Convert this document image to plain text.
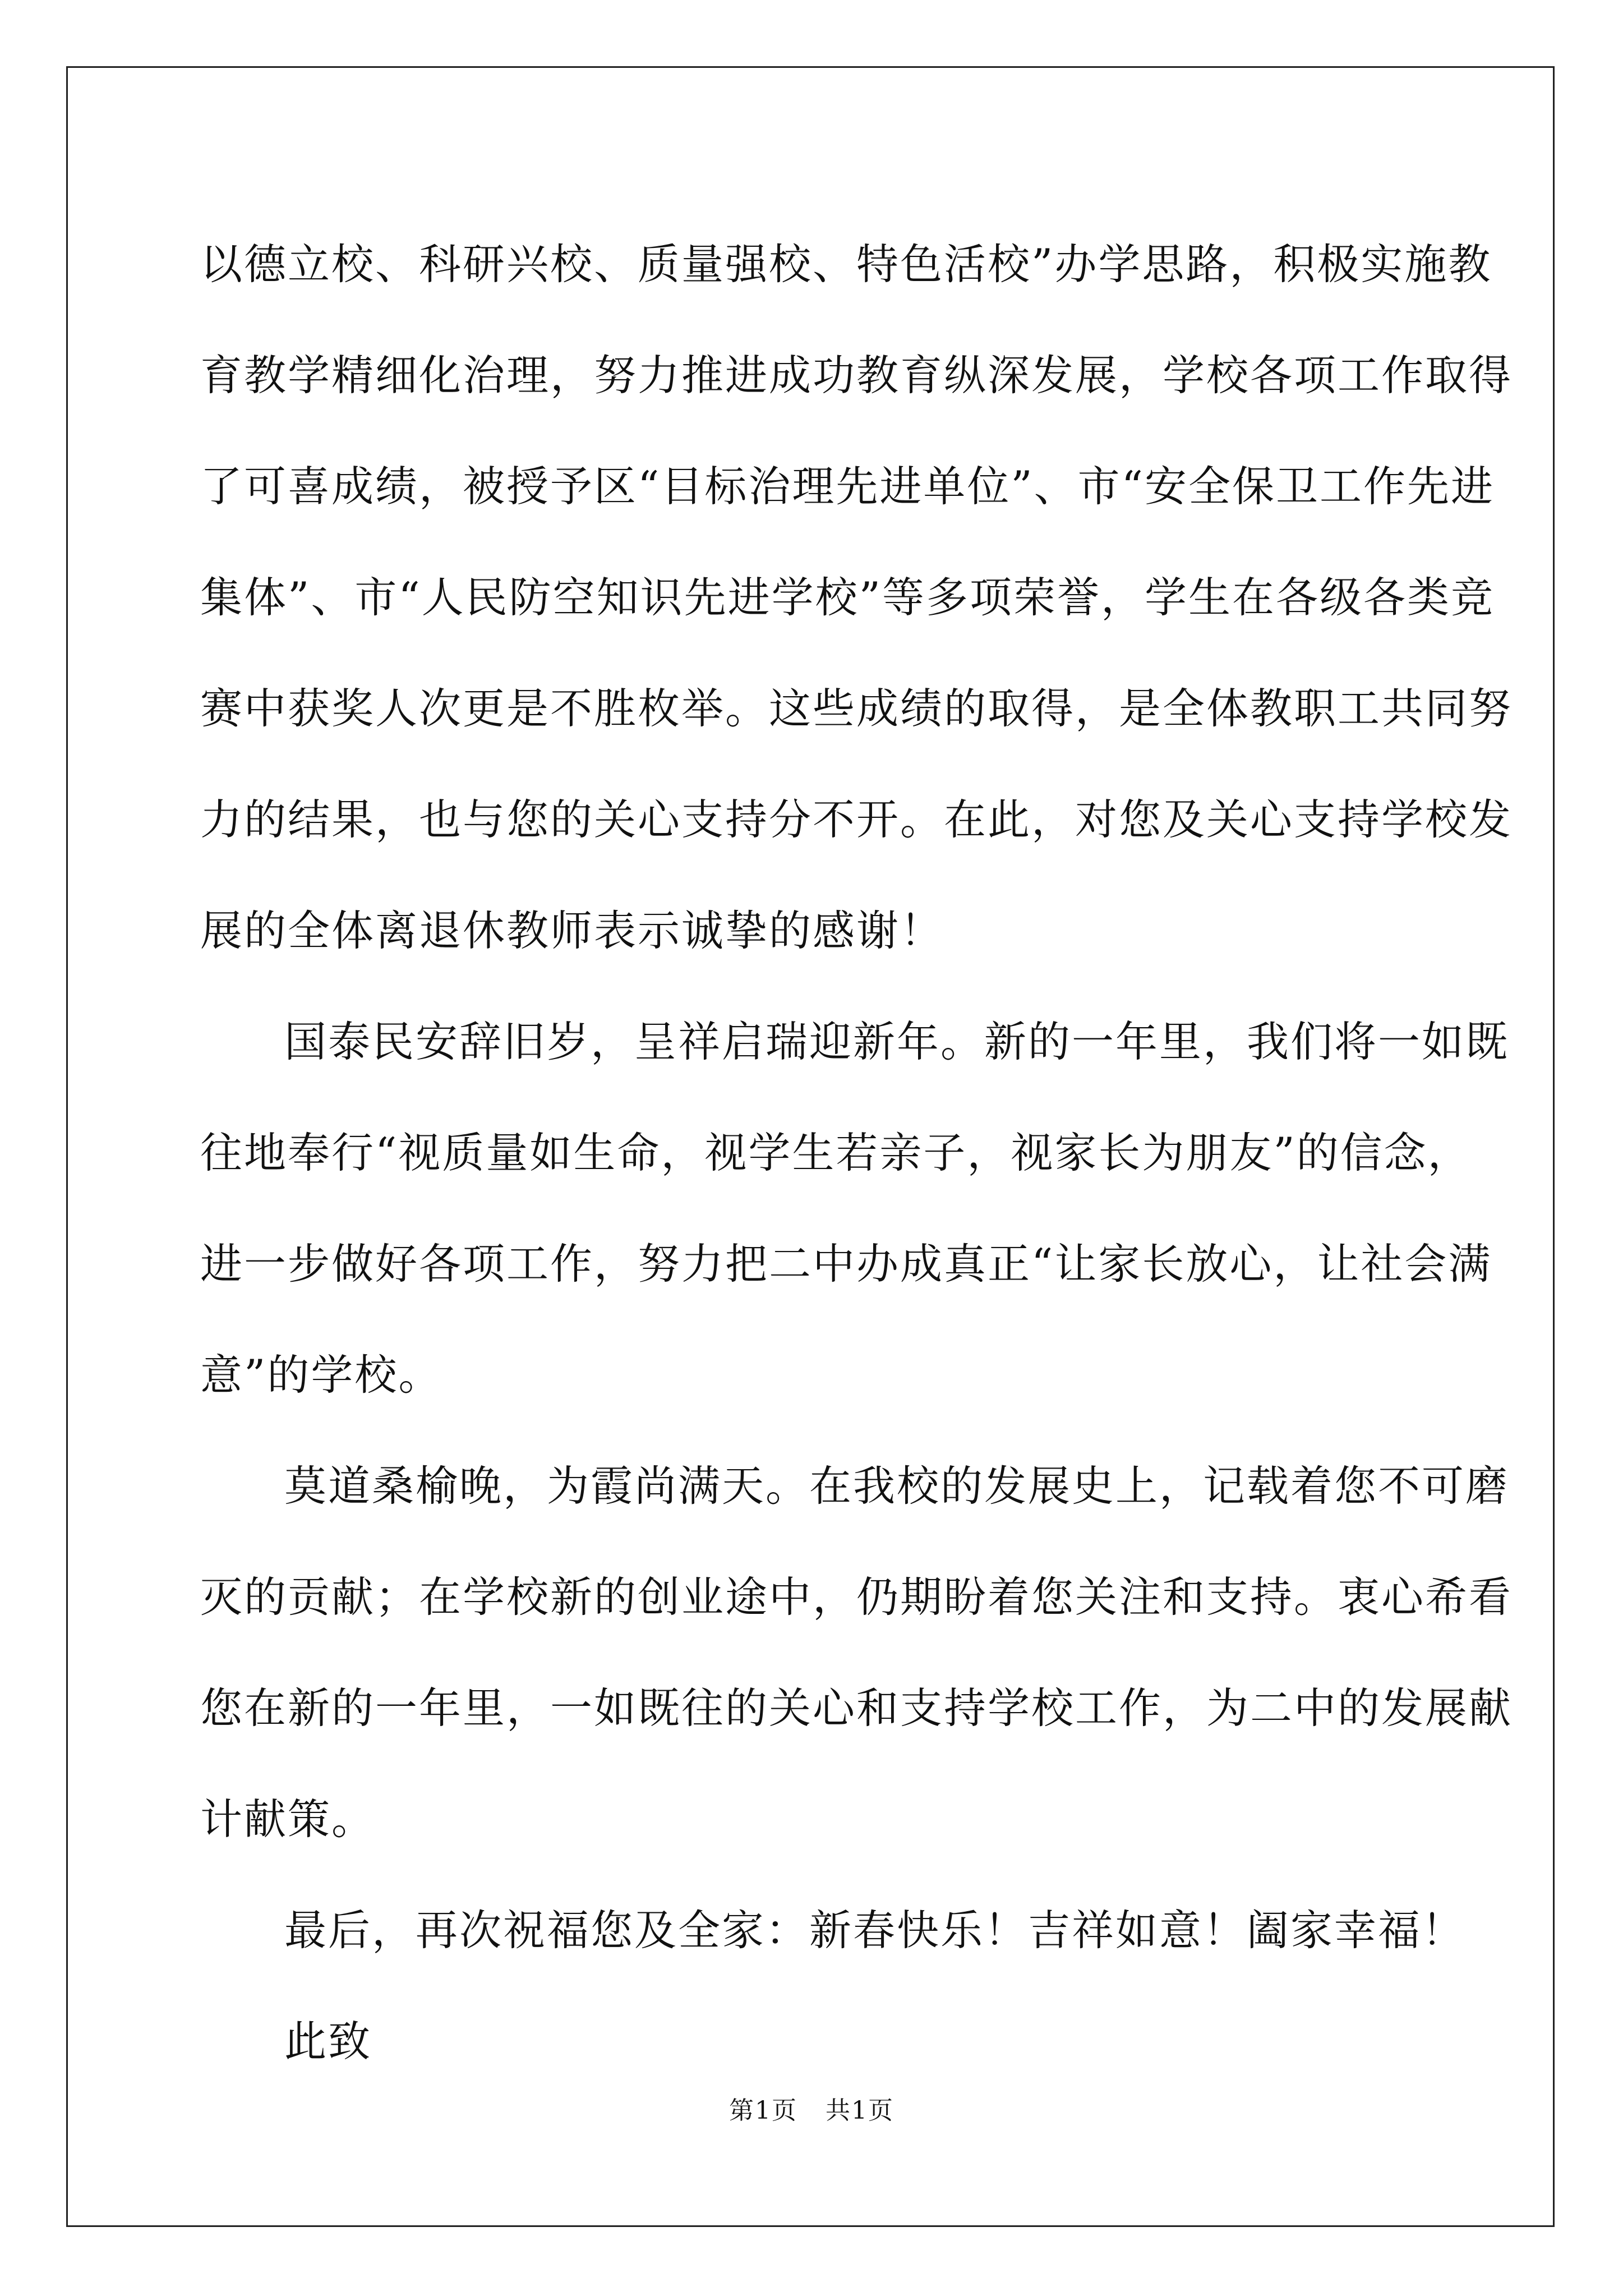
以德立校、科研兴校、质量强校、特色活校”办学思路，积极实施教
育教学精细化治理，努力推进成功教育纵深发展，学校各项工作取得
了可喜成绩，被授予区“目标治理先进单位”、市“安全保卫工作先进
集体”、市“人民防空知识先进学校”等多项荣誉，学生在各级各类竞
赛中获奖人次更是不胜枚举。这些成绩的取得，是全体教职工共同努
力的结果，也与您的关心支持分不开。在此，对您及关心支持学校发
展的全体离退休教师表示诚挚的感谢！

国泰民安辞旧岁，呈祥启瑞迎新年。新的一年里，我们将一如既
往地奉行“视质量如生命，视学生若亲子，视家长为朋友”的信念，
进一步做好各项工作，努力把二中办成真正“让家长放心，让社会满
意”的学校。

莫道桑榆晚，为霞尚满天。在我校的发展史上，记载着您不可磨
灭的贡献；在学校新的创业途中，仍期盼着您关注和支持。衷心希看
您在新的一年里，一如既往的关心和支持学校工作，为二中的发展献
计献策。

最后，再次祝福您及全家：新春快乐！吉祥如意！阖家幸福！

此致

第1页 共1页
